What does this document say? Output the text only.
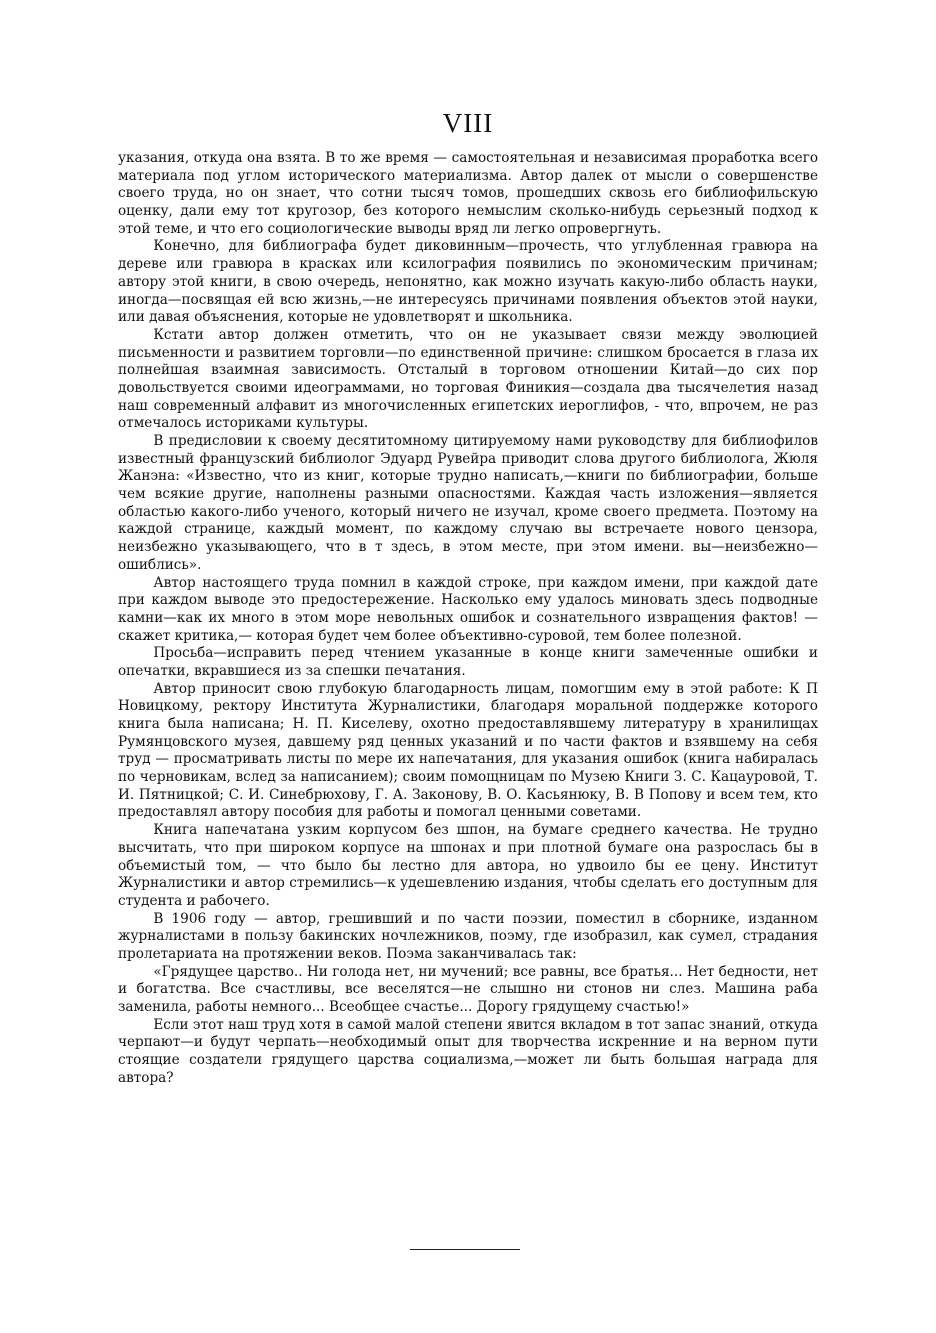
VIII

указания, откуда она взята. В то же время — самостоятельная и независимая проработка всего материала под углом исторического материализма. Автор далек от мысли о совершенстве своего труда, но он знает, что сотни тысяч томов, прошедших сквозь его библиофильскую оценку, дали ему тот кругозор, без которого немыслим сколько-нибудь серьезный подход к этой теме, и что его социологические выводы вряд ли легко опровергнуть.

Конечно, для библиографа будет диковинным—прочесть, что углубленная гравюра на дереве или гравюра в красках или ксилография появились по экономическим причинам; автору этой книги, в свою очередь, непонятно, как можно изучать какую-либо область науки, иногда—посвящая ей всю жизнь,—не интересуясь причинами появления объектов этой науки, или давая объяснения, которые не удовлетворят и школьника.

Кстати автор должен отметить, что он не указывает связи между эволюцией письменности и развитием торговли—по единственной причине: слишком бросается в глаза их полнейшая взаимная зависимость. Отсталый в торговом отношении Китай—до сих пор довольствуется своими идеограммами, но торговая Финикия—создала два тысячелетия назад наш современный алфавит из многочисленных египетских иероглифов, - что, впрочем, не раз отмечалось историками культуры.

В предисловии к своему десятитомному цитируемому нами руководству для библиофилов известный французский библиолог Эдуард Рувейра приводит слова другого библиолога, Жюля Жанэна: «Известно, что из книг, которые трудно написать,—книги по библиографии, больше чем всякие другие, наполнены разными опасностями. Каждая часть изложения—является областью какого-либо ученого, который ничего не изучал, кроме своего предмета. Поэтому на каждой странице, каждый момент, по каждому случаю вы встречаете нового цензора, неизбежно указывающего, что в т здесь, в этом месте, при этом имени. вы—неизбежно—ошиблись».

Автор настоящего труда помнил в каждой строке, при каждом имени, при каждой дате при каждом выводе это предостережение. Насколько ему удалось миновать здесь подводные камни—как их много в этом море невольных ошибок и сознательного извращения фактов! — скажет критика,— которая будет чем более объективно-суровой, тем более полезной.

Просьба—исправить перед чтением указанные в конце книги замеченные ошибки и опечатки, вкравшиеся из за спешки печатания.

Автор приносит свою глубокую благодарность лицам, помогшим ему в этой работе: К П Новицкому, ректору Института Журналистики, благодаря моральной поддержке которого книга была написана; Н. П. Киселеву, охотно предоставлявшему литературу в хранилищах Румянцовского музея, давшему ряд ценных указаний и по части фактов и взявшему на себя труд — просматривать листы по мере их напечатания, для указания ошибок (книга набиралась по черновикам, вслед за написанием); своим помощницам по Музею Книги З. С. Кацауровой, Т. И. Пятницкой; С. И. Синебрюхову, Г. А. Законову, В. О. Касьянюку, В. В Попову и всем тем, кто предоставлял автору пособия для работы и помогал ценными советами.

Книга напечатана узким корпусом без шпон, на бумаге среднего качества. Не трудно высчитать, что при широком корпусе на шпонах и при плотной бумаге она разрослась бы в объемистый том, — что было бы лестно для автора, но удвоило бы ее цену. Институт Журналистики и автор стремились—к удешевлению издания, чтобы сделать его доступным для студента и рабочего.

В 1906 году — автор, грешивший и по части поэзии, поместил в сборнике, изданном журналистами в пользу бакинских ночлежников, поэму, где изобразил, как сумел, страдания пролетариата на протяжении веков. Поэма заканчивалась так:

«Грядущее царство.. Ни голода нет, ни мучений; все равны, все братья... Нет бедности, нет и богатства. Все счастливы, все веселятся—не слышно ни стонов ни слез. Машина раба заменила, работы немного... Всеобщее счастье... Дорогу грядущему счастью!»

Если этот наш труд хотя в самой малой степени явится вкладом в тот запас знаний, откуда черпают—и будут черпать—необходимый опыт для творчества искренние и на верном пути стоящие создатели грядущего царства социализма,—может ли быть большая награда для автора?
